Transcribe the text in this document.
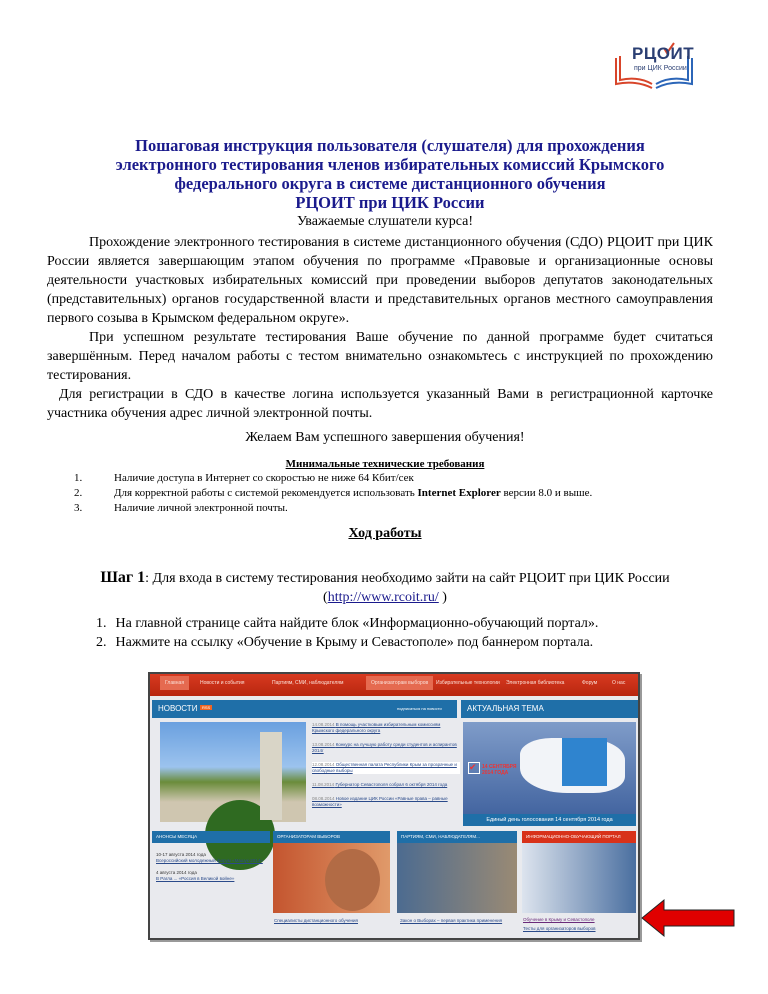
РЦОИТ
при ЦИК России
Пошаговая инструкция пользователя (слушателя) для прохождения
электронного тестирования членов избирательных комиссий Крымского
федерального округа в системе дистанционного обучения
РЦОИТ при ЦИК России
Уважаемые слушатели курса!
Прохождение электронного тестирования в системе дистанционного обучения (СДО) РЦОИТ при ЦИК России является завершающим этапом обучения по программе «Правовые и организационные основы деятельности участковых избирательных комиссий при проведении выборов депутатов законодательных (представительных) органов государственной власти и представительных органов местного самоуправления первого созыва в Крымском федеральном округе».
При успешном результате тестирования Ваше обучение по данной программе будет считаться завершённым. Перед началом работы с тестом внимательно ознакомьтесь с инструкцией по прохождению тестирования.
Для регистрации в СДО в качестве логина используется указанный Вами в регистрационной карточке участника обучения адрес личной электронной почты.
Желаем Вам успешного завершения обучения!
Минимальные технические требования
1.	Наличие доступа в Интернет со скоростью не ниже 64 Кбит/сек
2.	Для корректной работы с системой рекомендуется использовать Internet Explorer версии 8.0 и выше.
3.	Наличие личной электронной почты.
Ход работы
Шаг 1: Для входа в систему тестирования необходимо зайти на сайт РЦОИТ при ЦИК России
(http://www.rcoit.ru/ )
1. На главной странице сайта найдите блок «Информационно-обучающий портал».
2. Нажмите на ссылку «Обучение в Крыму и Севастополе» под баннером портала.
Главная	Новости и события	Партиям, СМИ, наблюдателям	Организаторам выборов	Избирательные технологии Электронная библиотека	Форум	О нас
НОВОСТИ	RSS	подписаться на новости	АКТУАЛЬНАЯ ТЕМА
14.08.2014 В помощь участковым избирательным комиссиям Крымского федерального округа
13.08.2014 Конкурс на лучшую работу среди студентов и аспирантов 2014г
12.08.2014 Общественная палата Республики Крым за прозрачные и свободные выборы
11.08.2014 Губернатор Севастополя собрал 6 октября 2014 года
08.08.2014 Новое издание ЦИК России «Равные права – равные возможности»
✔	14 СЕНТЯБРЯ 2014 ГОДА
Единый день голосования 14 сентября 2014 года
АНОНСЫ МЕСЯЦА	ОРГАНИЗАТОРАМ ВЫБОРОВ	ПАРТИЯМ, СМИ, НАБЛЮДАТЕЛЯМ...	ИНФОРМАЦИОННО-ОБУЧАЮЩИЙ ПОРТАЛ
10-17 августа 2014 года
Всероссийский молодежный форум «Машук-2014»
4 августа 2014 года
В Parла ... «Россия в Великой войне»
Специалисты дистанционного обучения	Закон о Выборах – первая практика применения	Обучение в Крыму и Севастополе
Тесты для организаторов выборов
